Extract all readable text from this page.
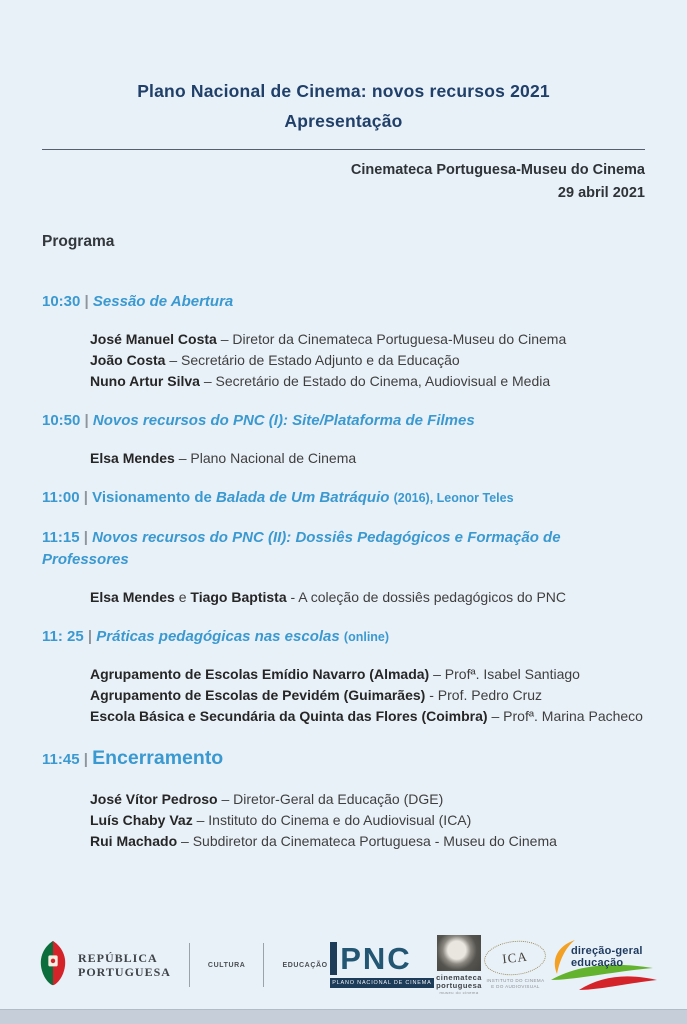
Plano Nacional de Cinema: novos recursos 2021
Apresentação
Cinemateca Portuguesa-Museu do Cinema
29 abril 2021
Programa
10:30 | Sessão de Abertura
José Manuel Costa – Diretor da Cinemateca Portuguesa-Museu do Cinema
João Costa – Secretário de Estado Adjunto e da Educação
Nuno Artur Silva – Secretário de Estado do Cinema, Audiovisual e Media
10:50 | Novos recursos do PNC (I): Site/Plataforma de Filmes
Elsa Mendes – Plano Nacional de Cinema
11:00 | Visionamento de Balada de Um Batráquio (2016), Leonor Teles
11:15 | Novos recursos do PNC (II): Dossiês Pedagógicos e Formação de Professores
Elsa Mendes e Tiago Baptista - A coleção de dossiês pedagógicos do PNC
11: 25 | Práticas pedagógicas nas escolas (online)
Agrupamento de Escolas Emídio Navarro (Almada) – Profª. Isabel Santiago
Agrupamento de Escolas de Pevidém (Guimarães) - Prof. Pedro Cruz
Escola Básica e Secundária da Quinta das Flores (Coimbra) – Profª. Marina Pacheco
11:45 | Encerramento
José Vítor Pedroso – Diretor-Geral da Educação (DGE)
Luís Chaby Vaz – Instituto do Cinema e do Audiovisual (ICA)
Rui Machado – Subdiretor da Cinemateca Portuguesa - Museu do Cinema
REPÚBLICA
PORTUGUESA	CULTURA	EDUCAÇÃO PNC
PLANO NACIONAL DE CINEMA
cinemateca
portuguesa
museu do cinema
ICA
INSTITUTO DO CINEMA
E DO AUDIOVISUAL
direção-geral
educação
